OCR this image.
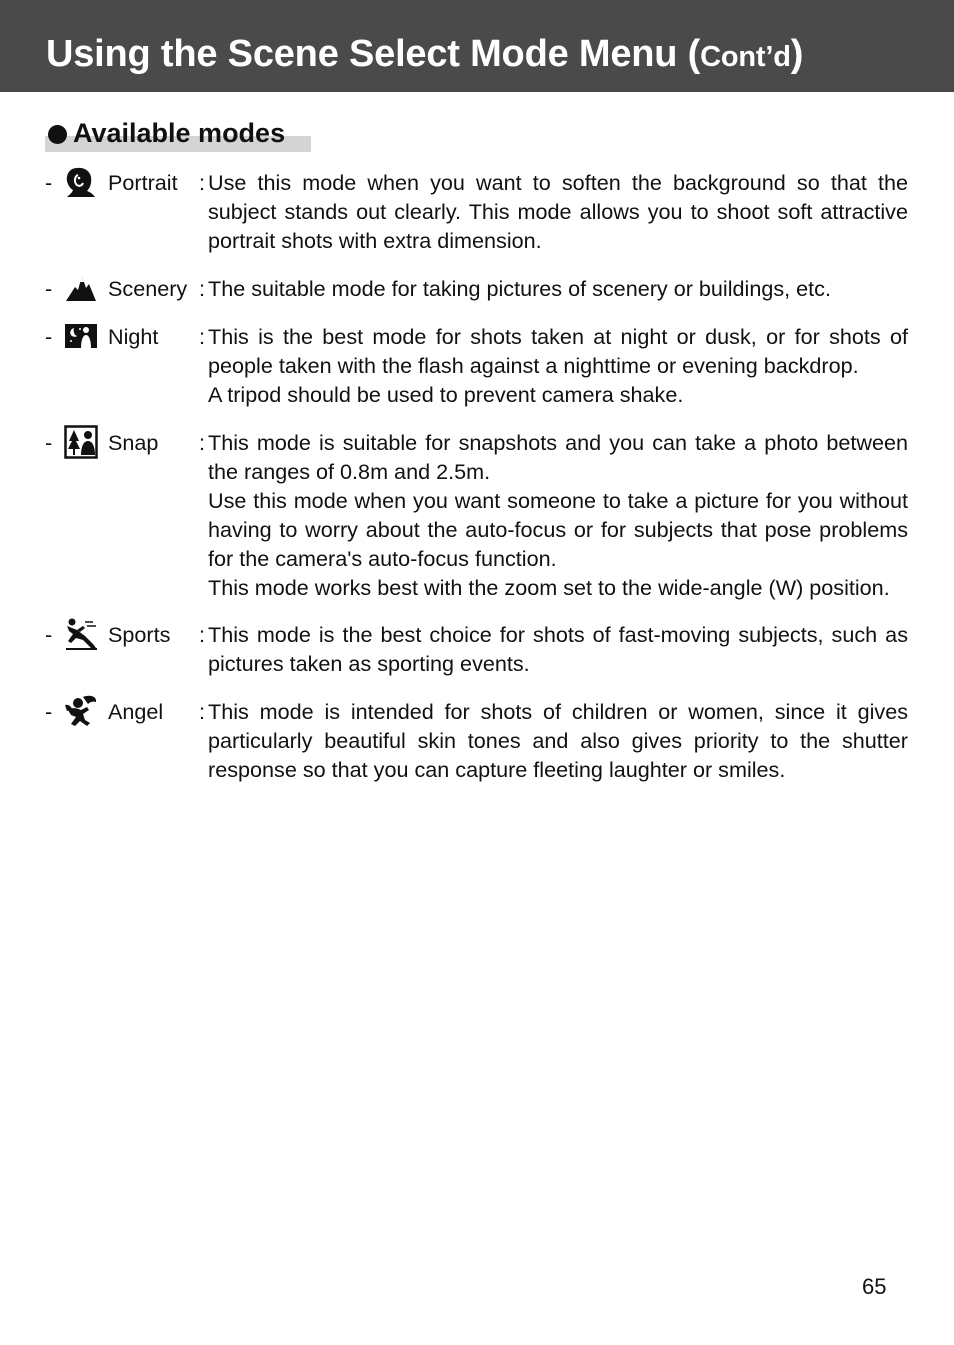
Using the Scene Select Mode Menu (Cont’d)
Available modes
-	Portrait : Use this mode when you want to soften the background so that the subject stands out clearly. This mode allows you to shoot soft attractive portrait shots with extra dimension.

-	Scenery : The suitable mode for taking pictures of scenery or buildings, etc.

-	Night : This is the best mode for shots taken at night or dusk, or for shots of people taken with the flash against a nighttime or evening backdrop.

A tripod should be used to prevent camera shake.

-	Snap : This mode is suitable for snapshots and you can take a photo between the ranges of 0.8m and 2.5m.

Use this mode when you want someone to take a picture for you without having to worry about the auto-focus or for subjects that pose problems for the camera's auto-focus function.

This mode works best with the zoom set to the wide-angle (W) position.

-	Sports : This mode is the best choice for shots of fast-moving subjects, such as pictures taken as sporting events.

-	Angel : This mode is intended for shots of children or women, since it gives particularly beautiful skin tones and also gives priority to the shutter response so that you can capture fleeting laughter or smiles.

65
